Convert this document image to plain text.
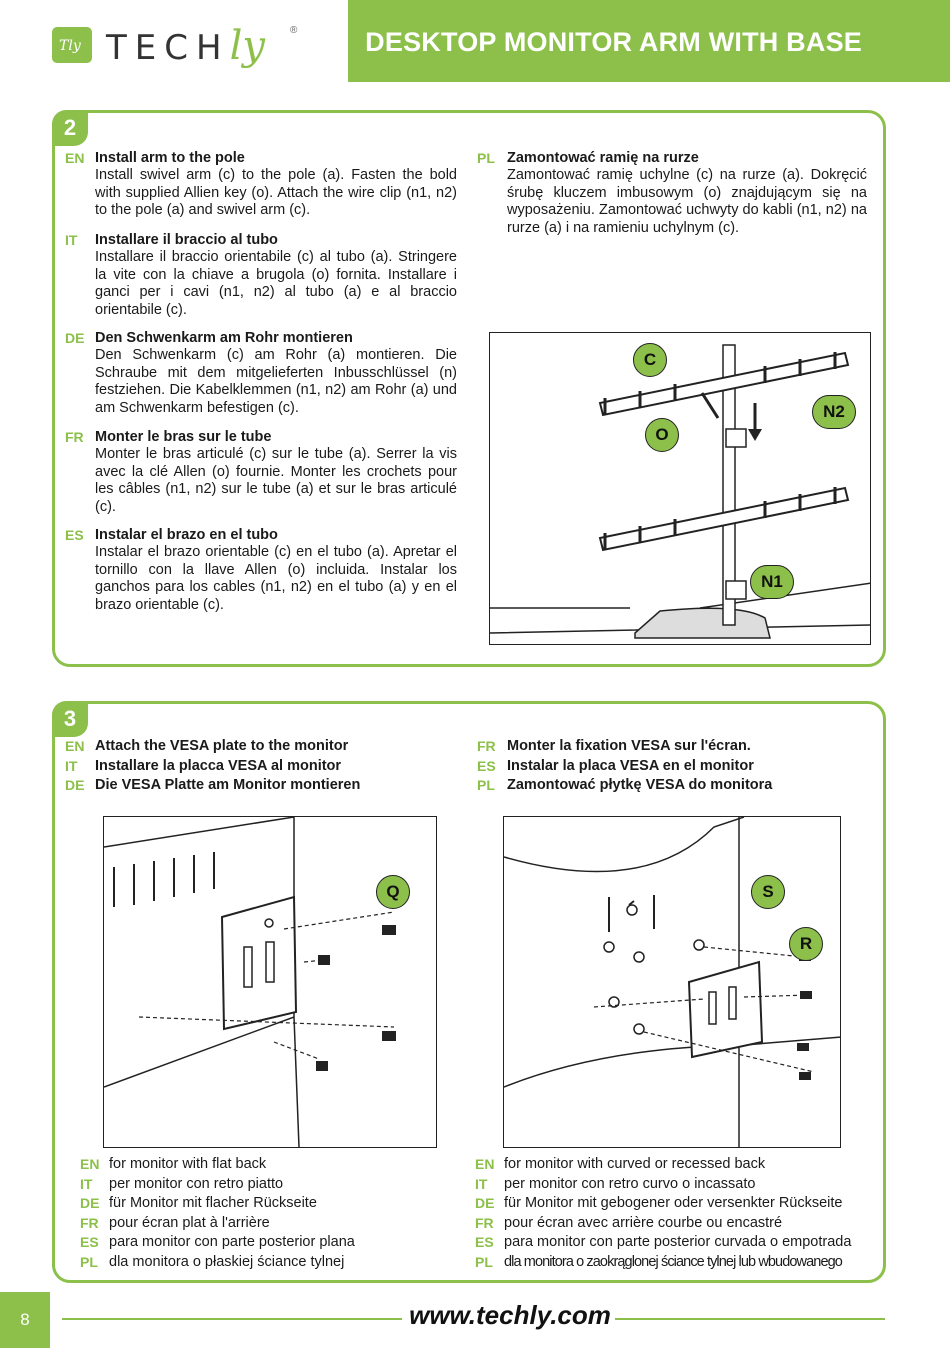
Tly TECHly	®	DESKTOP MONITOR ARM WITH BASE
2
EN Install arm to the pole
Install swivel arm (c) to the pole (a). Fasten the bold with supplied Allien key (o). Attach the wire clip (n1, n2) to the pole (a) and swivel arm (c).
IT Installare il braccio al tubo
Installare il braccio orientabile (c) al tubo (a). Stringere la vite con la chiave a brugola (o) fornita. Installare i ganci per i cavi (n1, n2) al tubo (a) e al braccio orientabile (c).
DE Den Schwenkarm am Rohr montieren
Den Schwenkarm (c) am Rohr (a) montieren. Die Schraube mit dem mitgelieferten Inbusschlüssel (n) festziehen. Die Kabelklemmen (n1, n2) am Rohr (a) und am Schwenkarm befestigen (c).
FR Monter le bras sur le tube
Monter le bras articulé (c) sur le tube (a). Serrer la vis avec la clé Allen (o) fournie. Monter les crochets pour les câbles (n1, n2) sur le tube (a) et sur le bras articulé (c).
ES Instalar el brazo en el tubo
Instalar el brazo orientable (c) en el tubo (a). Apretar el tornillo con la llave Allen (o) incluida. Instalar los ganchos para los cables (n1, n2) en el tubo (a) y en el brazo orientable (c).
PL Zamontować ramię na rurze
Zamontować ramię uchylne (c) na rurze (a). Dokręcić śrubę kluczem imbusowym (o) znajdującym się na wyposażeniu. Zamontować uchwyty do kabli (n1, n2) na rurze (a) i na ramieniu uchylnym (c).
C
O
N2
N1
3
EN Attach the VESA plate to the monitor
IT Installare la placca VESA al monitor
DE Die VESA Platte am Monitor montieren
FR Monter la fixation VESA sur l'écran.
ES Instalar la placa VESA en el monitor
PL Zamontować płytkę VESA do monitora
Q	S
R
EN for monitor with flat back
IT per monitor con retro piatto
DE für Monitor mit flacher Rückseite
FR pour écran plat à l'arrière
ES para monitor con parte posterior plana
PL dla monitora o płaskiej ściance tylnej
EN for monitor with curved or recessed back
IT per monitor con retro curvo o incassato
DE für Monitor mit gebogener oder versenkter Rückseite
FR pour écran avec arrière courbe ou encastré
ES para monitor con parte posterior curvada o empotrada
PL dla monitora o zaokrąglonej ściance tylnej lub wbudowanego
8	www.techly.com
